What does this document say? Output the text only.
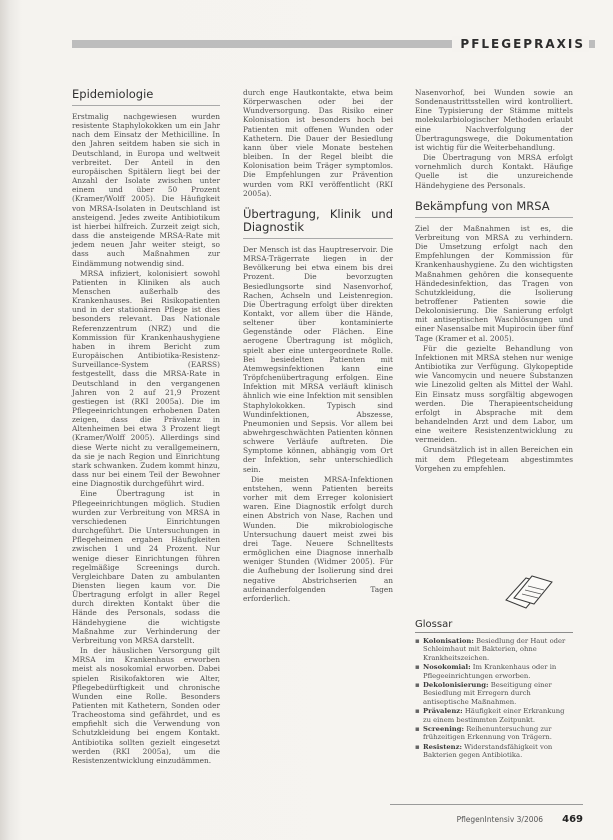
PFLEGEPRAXIS
Epidemiologie

Erstmalig nachgewiesen wurden resistente Staphylokokken um ein Jahr nach dem Einsatz der Methicilline. In den Jahren seitdem haben sie sich in Deutschland, in Europa und weltweit verbreitet. Der Anteil in den europäischen Spitälern liegt bei der Anzahl der Isolate zwischen unter einem und über 50 Prozent (Kramer/Wolff 2005). Die Häufigkeit von MRSA-Isolaten in Deutschland ist ansteigend. Jedes zweite Antibiotikum ist hierbei hilfreich. Zurzeit zeigt sich, dass die ansteigende MRSA-Rate mit jedem neuen Jahr weiter steigt, so dass auch Maßnahmen zur Eindämmung notwendig sind.

MRSA infiziert, kolonisiert sowohl Patienten in Kliniken als auch Menschen außerhalb des Krankenhauses. Bei Risikopatienten und in der stationären Pflege ist dies besonders relevant. Das Nationale Referenzzentrum (NRZ) und die Kommission für Krankenhaushygiene haben in ihrem Bericht zum Europäischen Antibiotika-Resistenz-Surveillance-System (EARSS) festgestellt, dass die MRSA-Rate in Deutschland in den vergangenen Jahren von 2 auf 21,9 Prozent gestiegen ist (RKI 2005a). Die im Pflegeeinrichtungen erhobenen Daten zeigen, dass die Prävalenz in Altenheimen bei etwa 3 Prozent liegt (Kramer/Wolff 2005). Allerdings sind diese Werte nicht zu verallgemeinern, da sie je nach Region und Einrichtung stark schwanken. Zudem kommt hinzu, dass nur bei einem Teil der Bewohner eine Diagnostik durchgeführt wird.

Eine Übertragung ist in Pflegeeinrichtungen möglich. Studien wurden zur Verbreitung von MRSA in verschiedenen Einrichtungen durchgeführt. Die Untersuchungen in Pflegeheimen ergaben Häufigkeiten zwischen 1 und 24 Prozent. Nur wenige dieser Einrichtungen führen regelmäßige Screenings durch. Vergleichbare Daten zu ambulanten Diensten liegen kaum vor. Die Übertragung erfolgt in aller Regel durch direkten Kontakt über die Hände des Personals, sodass die Händehygiene die wichtigste Maßnahme zur Verhinderung der Verbreitung von MRSA darstellt.

In der häuslichen Versorgung gilt MRSA im Krankenhaus erworben meist als nosokomial erworben. Dabei spielen Risikofaktoren wie Alter, Pflegebedürftigkeit und chronische Wunden eine Rolle. Besonders Patienten mit Kathetern, Sonden oder Tracheostoma sind gefährdet, und es empfiehlt sich die Verwendung von Schutzkleidung bei engem Kontakt. Antibiotika sollten gezielt eingesetzt werden (RKI 2005a), um die Resistenzentwicklung einzudämmen.

durch enge Hautkontakte, etwa beim Körperwaschen oder bei der Wundversorgung. Das Risiko einer Kolonisation ist besonders hoch bei Patienten mit offenen Wunden oder Kathetern. Die Dauer der Besiedlung kann über viele Monate bestehen bleiben. In der Regel bleibt die Kolonisation beim Träger symptomlos. Die Empfehlungen zur Prävention wurden vom RKI veröffentlicht (RKI 2005a).

Übertragung, Klinik und Diagnostik

Der Mensch ist das Hauptreservoir. Die MRSA-Trägerrate liegen in der Bevölkerung bei etwa einem bis drei Prozent. Die bevorzugten Besiedlungsorte sind Nasenvorhof, Rachen, Achseln und Leistenregion. Die Übertragung erfolgt über direkten Kontakt, vor allem über die Hände, seltener über kontaminierte Gegenstände oder Flächen. Eine aerogene Übertragung ist möglich, spielt aber eine untergeordnete Rolle. Bei besiedelten Patienten mit Atemwegsinfektionen kann eine Tröpfchenübertragung erfolgen. Eine Infektion mit MRSA verläuft klinisch ähnlich wie eine Infektion mit sensiblen Staphylokokken. Typisch sind Wundinfektionen, Abszesse, Pneumonien und Sepsis. Vor allem bei abwehrgeschwächten Patienten können schwere Verläufe auftreten. Die Symptome können, abhängig vom Ort der Infektion, sehr unterschiedlich sein.

Die meisten MRSA-Infektionen entstehen, wenn Patienten bereits vorher mit dem Erreger kolonisiert waren. Eine Diagnostik erfolgt durch einen Abstrich von Nase, Rachen und Wunden. Die mikrobiologische Untersuchung dauert meist zwei bis drei Tage. Neuere Schnelltests ermöglichen eine Diagnose innerhalb weniger Stunden (Widmer 2005). Für die Aufhebung der Isolierung sind drei negative Abstrichserien an aufeinanderfolgenden Tagen erforderlich.

Nasenvorhof, bei Wunden sowie an Sondenaustrittsstellen wird kontrolliert. Eine Typisierung der Stämme mittels molekularbiologischer Methoden erlaubt eine Nachverfolgung der Übertragungswege, die Dokumentation ist wichtig für die Weiterbehandlung.

Die Übertragung von MRSA erfolgt vornehmlich durch Kontakt. Häufige Quelle ist die unzureichende Händehygiene des Personals.

Bekämpfung von MRSA

Ziel der Maßnahmen ist es, die Verbreitung von MRSA zu verhindern. Die Umsetzung erfolgt nach den Empfehlungen der Kommission für Krankenhaushygiene. Zu den wichtigsten Maßnahmen gehören die konsequente Händedesinfektion, das Tragen von Schutzkleidung, die Isolierung betroffener Patienten sowie die Dekolonisierung. Die Sanierung erfolgt mit antiseptischen Waschlösungen und einer Nasensalbe mit Mupirocin über fünf Tage (Kramer et al. 2005).

Für die gezielte Behandlung von Infektionen mit MRSA stehen nur wenige Antibiotika zur Verfügung. Glykopeptide wie Vancomycin und neuere Substanzen wie Linezolid gelten als Mittel der Wahl. Ein Einsatz muss sorgfältig abgewogen werden. Die Therapieentscheidung erfolgt in Absprache mit dem behandelnden Arzt und dem Labor, um eine weitere Resistenzentwicklung zu vermeiden.

Grundsätzlich ist in allen Bereichen ein mit dem Pflegeteam abgestimmtes Vorgehen zu empfehlen.

Glossar
▪ Kolonisation: Besiedlung der Haut oder Schleimhaut mit Bakterien, ohne Krankheitszeichen.
▪ Nosokomial: Im Krankenhaus oder in Pflegeeinrichtungen erworben.
▪ Dekolonisierung: Beseitigung einer Besiedlung mit Erregern durch antiseptische Maßnahmen.
▪ Prävalenz: Häufigkeit einer Erkrankung zu einem bestimmten Zeitpunkt.
▪ Screening: Reihenuntersuchung zur frühzeitigen Erkennung von Trägern.
▪ Resistenz: Widerstandsfähigkeit von Bakterien gegen Antibiotika.
PflegenIntensiv 3/2006 469
